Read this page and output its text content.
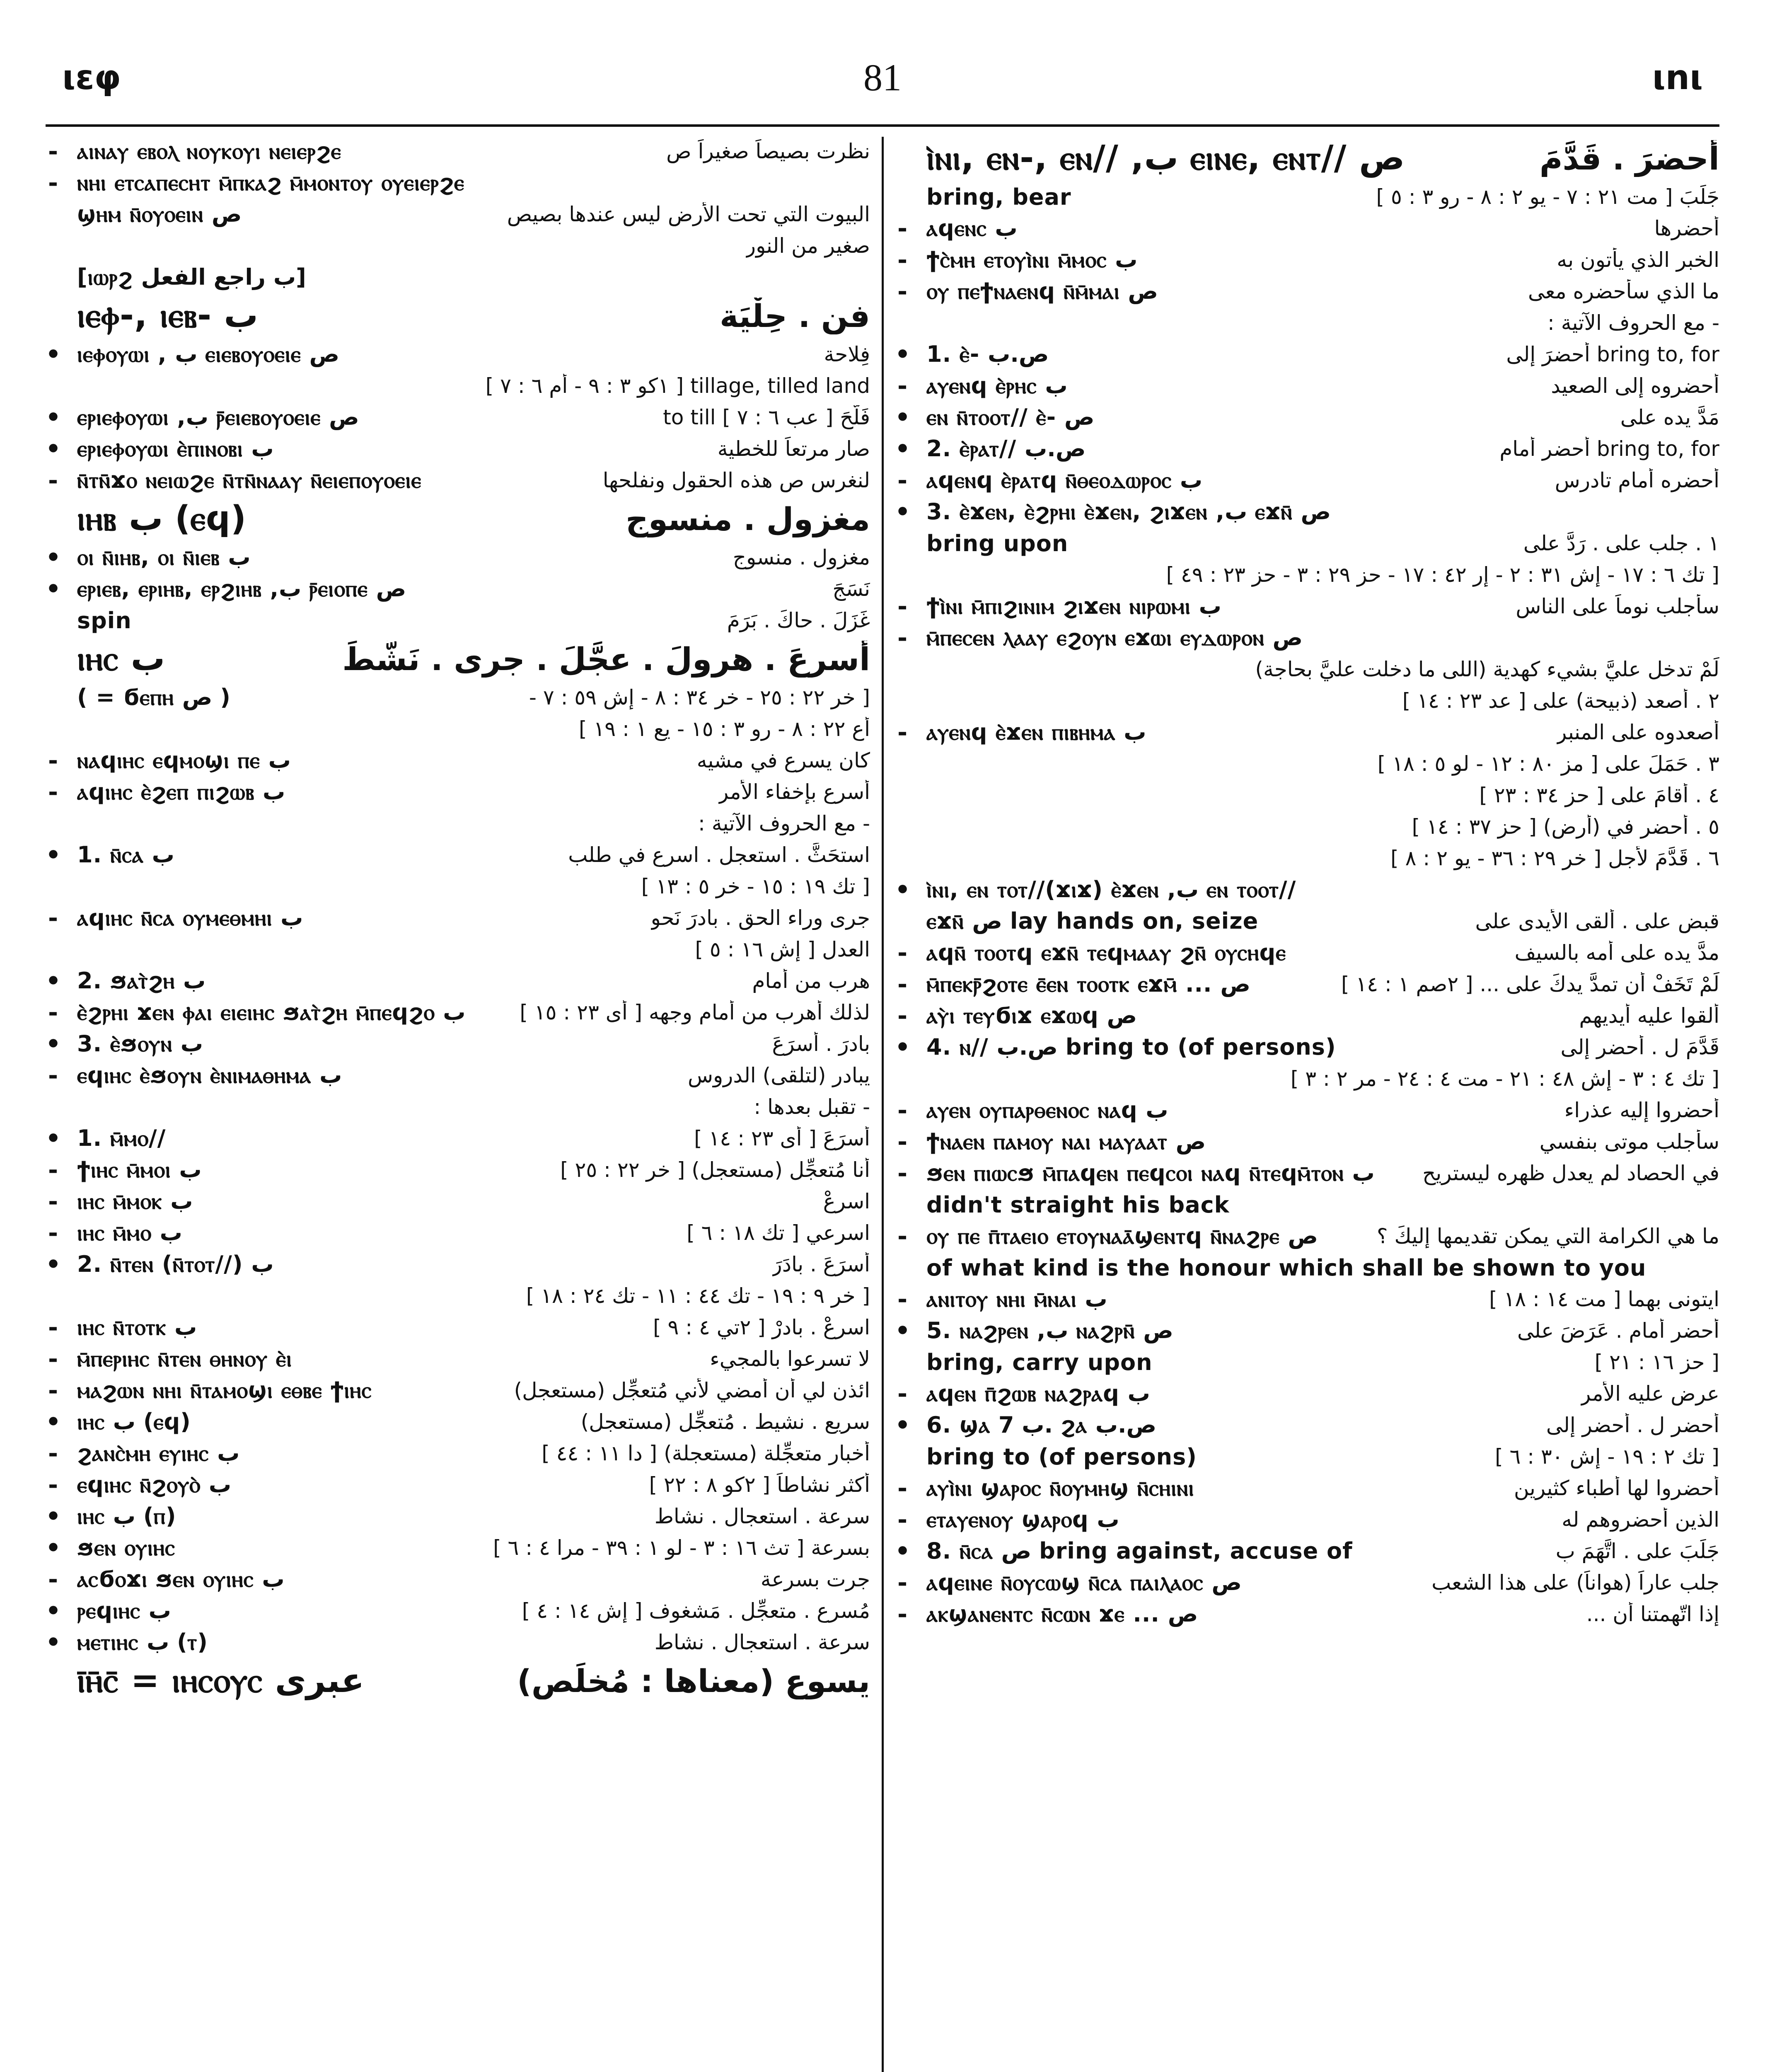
ιεφ	81	ιnι
- ⲁⲓⲛⲁⲩ ⲉⲃⲟⲗ ⲛⲟⲩⲕⲟⲩⲓ ⲛⲉⲓⲉⲣϩⲉ	نظرت بصيصاً صغيراً ص
- ⲛⲏⲓ ⲉⲧⲥⲁⲡⲉⲥⲏⲧ ⲙ̄ⲡⲕⲁϩ ⲙ̄ⲙⲟⲛⲧⲟⲩ ⲟⲩⲉⲓⲉⲣϩⲉ
ϣⲏⲙ ⲛ̄ⲟⲩⲟⲉⲓⲛ ص	البيوت التي تحت الأرض ليس عندها بصيص
صغير من النور
[ⲓⲱⲣϩ ب راجع الفعل]
ⲓⲉⲫ-, ⲓⲉⲃ- ب	فن . حِلْيَة
• ⲓⲉⲫⲟⲩⲱⲓ , ب ⲉⲓⲉⲃⲟⲩⲟⲉⲓⲉ ص	فِلاحة
tillage, tilled land [ ١كو ٣ : ٩ - أم ٦ : ٧ ]
• ⲉⲣⲓⲉⲫⲟⲩⲱⲓ ,ب ⲣ̄ⲉⲓⲉⲃⲟⲩⲟⲉⲓⲉ ص	فَلَّحَ [ عب ٦ : ٧ ] to till
• ⲉⲣⲓⲉⲫⲟⲩⲱⲓ ⲉ̀ⲡⲓⲛⲟⲃⲓ ب	صار مرتعاً للخطية
- ⲛ̄ⲧⲛ̄ϫⲟ ⲛⲉⲓⲱϩⲉ ⲛ̄ⲧⲛ̄ⲛⲁⲁⲩ ⲛ̄ⲉⲓⲉⲡⲟⲩⲟⲉⲓⲉ	لنغرس ص هذه الحقول ونفلحها
ⲓⲏⲃ ب (ⲉϥ)	مغزول . منسوج
• ⲟⲓ ⲛ̄ⲓⲏⲃ, ⲟⲓ ⲛ̄ⲓⲉⲃ ب	مغزول . منسوج
• ⲉⲣⲓⲉⲃ, ⲉⲣⲓⲏⲃ, ⲉⲣϩⲓⲏⲃ ,ب ⲣ̄ⲉⲓⲟⲡⲉ ص	نَسَجَ
spin	غَزَلَ . حاكَ . بَرَمَ
ⲓⲏⲥ ب	أسرعَ . هرولَ . عجَّلَ . جرى . نَشَّطَ
( = ϭⲉⲡⲏ ص )	[ خر ٢٢ : ٢٥ - خر ٣٤ : ٨ - إش ٥٩ : ٧ -
أع ٢٢ : ٨ - رو ٣ : ١٥ - يع ١ : ١٩ ]
- ⲛⲁϥⲓⲏⲥ ⲉϥⲙⲟϣⲓ ⲡⲉ ب	كان يسرع في مشيه
- ⲁϥⲓⲏⲥ ⲉ̀ϩⲉⲡ ⲡⲓϩⲱⲃ ب	أسرع بإخفاء الأمر
- مع الحروف الآتية :
• 1. ⲛ̄ⲥⲁ ب	استحَثَّ . استعجل . اسرع في طلب
[ تك ١٩ : ١٥ - خر ٥ : ١٣ ]
- ⲁϥⲓⲏⲥ ⲛ̄ⲥⲁ ⲟⲩⲙⲉⲑⲙⲏⲓ ب	جرى وراء الحق . بادرَ نَحو
العدل [ إش ١٦ : ٥ ]
• 2. ϧⲁⲧ̀ϩⲏ ب	هرب من أمام
- ⲉ̀ϩⲣⲏⲓ ϫⲉⲛ ⲫⲁⲓ ⲉⲓⲉⲓⲏⲥ ϧⲁⲧ̀ϩⲏ ⲙ̄ⲡⲉϥϩⲟ ب	لذلك أهرب من أمام وجهه [ أى ٢٣ : ١٥ ]
• 3. ⲉ̀ϧⲟⲩⲛ ب	بادرَ . أسرَعَ
- ⲉϥⲓⲏⲥ ⲉ̀ϧⲟⲩⲛ ⲉ̀ⲛⲓⲙⲁⲑⲏⲙⲁ ب	يبادر (لتلقى) الدروس
- تقبل بعدها :
• 1. ⲙ̄ⲙⲟ//	أسرَعَ [ أى ٢٣ : ١٤ ]
- ϯⲓⲏⲥ ⲙ̄ⲙⲟⲓ ب	أنا مُتعجِّل (مستعجل) [ خر ٢٢ : ٢٥ ]
- ⲓⲏⲥ ⲙ̄ⲙⲟⲕ ب	اسرِعْ
- ⲓⲏⲥ ⲙ̄ⲙⲟ ب	اسرعي [ تك ١٨ : ٦ ]
• 2. ⲛ̄ⲧⲉⲛ (ⲛ̄ⲧⲟⲧ//) ب	أسرَعَ . بادَرَ
[ خر ٩ : ١٩ - تك ٤٤ : ١١ - تك ٢٤ : ١٨ ]
- ⲓⲏⲥ ⲛ̄ⲧⲟⲧⲕ ب	اسرعْ . بادرْ [ ٢تي ٤ : ٩ ]
- ⲙ̄ⲡⲉⲣⲓⲏⲥ ⲛ̄ⲧⲉⲛ ⲑⲏⲛⲟⲩ ⲉ̀ⲓ	لا تسرعوا بالمجيء
- ⲙⲁϩⲱⲛ ⲛⲏⲓ ⲛ̄ⲧⲁⲙⲟϣⲓ ⲉⲑⲃⲉ ϯⲓⲏⲥ	ائذن لي أن أمضي لأني مُتعجِّل (مستعجل)
• ⲓⲏⲥ ب (ⲉϥ)	سريع . نشيط . مُتعجِّل (مستعجل)
- ϩⲁⲛⲥ̀ⲙⲏ ⲉⲩⲓⲏⲥ ب	أخبار متعجِّلة (مستعجلة) [ دا ١١ : ٤٤ ]
- ⲉϥⲓⲏⲥ ⲛ̄ϩⲟⲩⲟ̀ ب	أكثر نشاطاً [ ٢كو ٨ : ٢٢ ]
• ⲓⲏⲥ ب (ⲡ)	سرعة . استعجال . نشاط
• ϧⲉⲛ ⲟⲩⲓⲏⲥ	بسرعة [ تث ١٦ : ٣ - لو ١ : ٣٩ - مرا ٤ : ٦ ]
- ⲁⲥϭⲟϫⲓ ϧⲉⲛ ⲟⲩⲓⲏⲥ ب	جرت بسرعة
• ⲣⲉϥⲓⲏⲥ ب	مُسرع . متعجِّل . مَشغوف [ إش ١٤ : ٤ ]
• ⲙⲉⲧⲓⲏⲥ ب (ⲧ)	سرعة . استعجال . نشاط
ⲓ̄ⲏ̄ⲥ̄ = ⲓⲏⲥⲟⲩⲥ عبرى	يسوع (معناها : مُخلِّص)
ⲓ̀ⲛⲓ, ⲉⲛ-, ⲉⲛ// ,ب ⲉⲓⲛⲉ, ⲉⲛⲧ// ص	أحضرَ . قَدَّمَ
bring, bear	جَلَبَ [ مت ٢١ : ٧ - يو ٢ : ٨ - رو ٣ : ٥ ]
- ⲁϥⲉⲛⲥ ب	أحضرها
- ϯⲥ̀ⲙⲏ ⲉⲧⲟⲩⲓ̀ⲛⲓ ⲙ̄ⲙⲟⲥ ب	الخبر الذي يأتون به
- ⲟⲩ ⲡⲉϯⲛⲁⲉⲛϥ ⲛ̄ⲙ̄ⲙⲁⲓ ص	ما الذي سأحضره معى
- مع الحروف الآتية :
• 1. ⲉ̀- ص.ب	bring to, for أحضرَ إلى
- ⲁⲩⲉⲛϥ ⲉ̀ⲣⲏⲥ ب	أحضروه إلى الصعيد
• ⲉⲛ ⲛ̄ⲧⲟⲟⲧ// ⲉ̀- ص	مَدَّ يده على
• 2. ⲉ̀ⲣⲁⲧ// ص.ب	bring to, for أحضر أمام
- ⲁϥⲉⲛϥ ⲉ̀ⲣⲁⲧϥ ⲛ̄ⲑⲉⲟⲇⲱⲣⲟⲥ ب	أحضره أمام تادرس
• 3. ⲉ̀ϫⲉⲛ, ⲉ̀ϩⲣⲏⲓ ⲉ̀ϫⲉⲛ, ϩⲓϫⲉⲛ ,ب ⲉϫⲛ̄ ص
bring upon	١ . جلب على . رَدَّ على
[ تك ٦ : ١٧ - إش ٣١ : ٢ - إر ٤٢ : ١٧ - حز ٢٩ : ٣ - حز ٢٣ : ٤٩ ]
- ϯⲓ̀ⲛⲓ ⲙ̄ⲡⲓϩⲓⲛⲓⲙ ϩⲓϫⲉⲛ ⲛⲓⲣⲱⲙⲓ ب	سأجلب نوماً على الناس
- ⲙ̄ⲡⲉⲥⲉⲛ ⲗⲁⲁⲩ ⲉϩⲟⲩⲛ ⲉϫⲱⲓ ⲉⲩⲇⲱⲣⲟⲛ ص
لَمْ تدخل عليَّ بشيء كهدية (اللى ما دخلت عليَّ بحاجة)
٢ . أصعد (ذبيحة) على [ عد ٢٣ : ١٤ ]
- ⲁⲩⲉⲛϥ ⲉ̀ϫⲉⲛ ⲡⲓⲃⲏⲙⲁ ب	أصعدوه على المنبر
٣ . حَمَلَ على [ مز ٨٠ : ١٢ - لو ٥ : ١٨ ]
٤ . أقامَ على [ حز ٣٤ : ٢٣ ]
٥ . أحضر في (أرض) [ حز ٣٧ : ١٤ ]
٦ . قَدَّمَ لأجل [ خر ٢٩ : ٣٦ - يو ٢ : ٨ ]
• ⲓ̀ⲛⲓ, ⲉⲛ ⲧⲟⲧ//(ϫⲓϫ) ⲉ̀ϫⲉⲛ ,ب ⲉⲛ ⲧⲟⲟⲧ//
ⲉϫⲛ̄ ص lay hands on, seize	قبض على . ألقى الأيدى على
- ⲁϥⲛ̄ ⲧⲟⲟⲧϥ ⲉϫⲛ̄ ⲧⲉϥⲙⲁⲁⲩ ϩⲛ̄ ⲟⲩⲥⲏϥⲉ	مدَّ يده على أمه بالسيف
- ⲙ̄ⲡⲉⲕⲣ̄ϩⲟⲧⲉ ⲉ̄ⲉⲛ ⲧⲟⲟⲧⲕ ⲉϫⲙ̄ ... ص	لَمْ تَخَفْ أن تمدَّ يدكَ على ... [ ٢صم ١ : ١٤ ]
- ⲁⲩ̀ⲓ ⲧⲉⲩϭⲓϫ ⲉϫⲱϥ ص	ألقوا عليه أيديهم
• 4. ⲛ// ص.ب bring to (of persons)	قَدَّمَ لِ . أحضر إلى
[ تك ٤ : ٣ - إش ٤٨ : ٢١ - مت ٤ : ٢٤ - مر ٢ : ٣ ]
- ⲁⲩⲉⲛ ⲟⲩⲡⲁⲣⲑⲉⲛⲟⲥ ⲛⲁϥ ب	أحضروا إليه عذراء
- ϯⲛⲁⲉⲛ ⲡⲁⲙⲟⲩ ⲛⲁⲓ ⲙⲁⲩⲁⲁⲧ ص	سأجلب موتى بنفسي
- ϧⲉⲛ ⲡⲓⲱⲥϧ ⲙ̄ⲡⲁϥⲉⲛ ⲡⲉϥⲥⲟⲓ ⲛⲁϥ ⲛ̄ⲧⲉϥⲙ̄ⲧⲟⲛ ب	في الحصاد لم يعدل ظهره ليستريح
didn't straight his back
- ⲟⲩ ⲡⲉ ⲡ̄ⲧⲁⲉⲓⲟ ⲉⲧⲟⲩⲛⲁⲁ̄ϣⲉⲛⲧϥ ⲛ̄ⲛⲁϩⲣⲉ ص	ما هي الكرامة التي يمكن تقديمها إليكَ ؟
of what kind is the honour which shall be shown to you
- ⲁⲛⲓⲧⲟⲩ ⲛⲏⲓ ⲙ̄ⲛⲁⲓ ب	ايتونى بهما [ مت ١٤ : ١٨ ]
• 5. ⲛⲁϩⲣⲉⲛ ,ب ⲛⲁϩⲣⲛ̄ ص	أحضر أمام . عَرَضَ على
bring, carry upon	[ حز ١٦ : ٢١ ]
- ⲁϥⲉⲛ ⲡ̄ϩⲱⲃ ⲛⲁϩⲣⲁϥ ب	عرض عليه الأمر
• 6. ϣⲁ ب 7. ϩⲁ ص.ب	أحضر لِ . أحضر إلى
bring to (of persons)	[ تك ٢ : ١٩ - إش ٣٠ : ٦ ]
- ⲁⲩⲓ̀ⲛⲓ ϣⲁⲣⲟⲥ ⲛ̄ⲟⲩⲙⲏϣ ⲛ̄ⲥⲏⲓⲛⲓ	أحضروا لها أطباء كثيرين
- ⲉⲧⲁⲩⲉⲛⲟⲩ ϣⲁⲣⲟϥ ب	الذين أحضروهم له
• 8. ⲛ̄ⲥⲁ ص bring against, accuse of	جَلَبَ على . اتَّهَمَ بِ
- ⲁϥⲉⲓⲛⲉ ⲛ̄ⲟⲩⲥⲱϣ ⲛ̄ⲥⲁ ⲡⲁⲓⲗⲁⲟⲥ ص	جلب عاراً (هواناً) على هذا الشعب
- ⲁⲕϣⲁⲛⲉⲛⲧⲥ ⲛ̄ⲥⲱⲛ ϫⲉ ... ص	إذا اتّهمتنا أن ...
